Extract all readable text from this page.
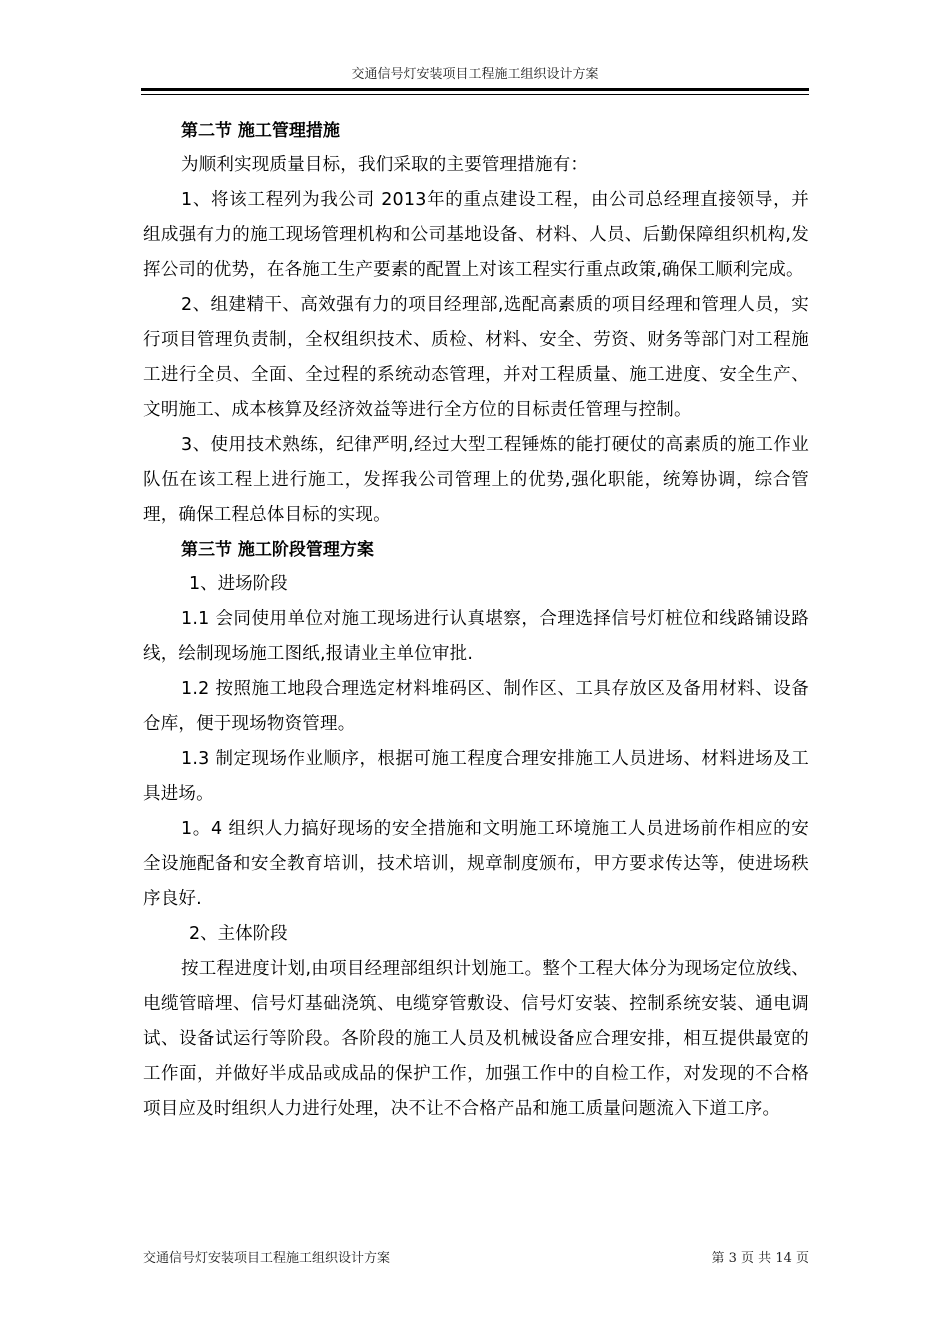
交通信号灯安装项目工程施工组织设计方案

第二节 施工管理措施

为顺利实现质量目标，我们采取的主要管理措施有：

1、将该工程列为我公司 2013年的重点建设工程，由公司总经理直接领导，并组成强有力的施工现场管理机构和公司基地设备、材料、人员、后勤保障组织机构,发挥公司的优势，在各施工生产要素的配置上对该工程实行重点政策,确保工顺利完成。

2、组建精干、高效强有力的项目经理部,选配高素质的项目经理和管理人员，实行项目管理负责制，全权组织技术、质检、材料、安全、劳资、财务等部门对工程施工进行全员、全面、全过程的系统动态管理，并对工程质量、施工进度、安全生产、文明施工、成本核算及经济效益等进行全方位的目标责任管理与控制。

3、使用技术熟练，纪律严明,经过大型工程锤炼的能打硬仗的高素质的施工作业队伍在该工程上进行施工，发挥我公司管理上的优势,强化职能，统筹协调，综合管理，确保工程总体目标的实现。

第三节 施工阶段管理方案

1、进场阶段

1.1 会同使用单位对施工现场进行认真堪察，合理选择信号灯桩位和线路铺设路线，绘制现场施工图纸,报请业主单位审批.

1.2 按照施工地段合理选定材料堆码区、制作区、工具存放区及备用材料、设备仓库，便于现场物资管理。

1.3 制定现场作业顺序，根据可施工程度合理安排施工人员进场、材料进场及工具进场。

1。4 组织人力搞好现场的安全措施和文明施工环境施工人员进场前作相应的安全设施配备和安全教育培训，技术培训，规章制度颁布，甲方要求传达等，使进场秩序良好.

2、主体阶段

按工程进度计划,由项目经理部组织计划施工。整个工程大体分为现场定位放线、电缆管暗埋、信号灯基础浇筑、电缆穿管敷设、信号灯安装、控制系统安装、通电调试、设备试运行等阶段。各阶段的施工人员及机械设备应合理安排，相互提供最宽的工作面，并做好半成品或成品的保护工作，加强工作中的自检工作，对发现的不合格项目应及时组织人力进行处理，决不让不合格产品和施工质量问题流入下道工序。

交通信号灯安装项目工程施工组织设计方案	第 3 页 共 14 页
